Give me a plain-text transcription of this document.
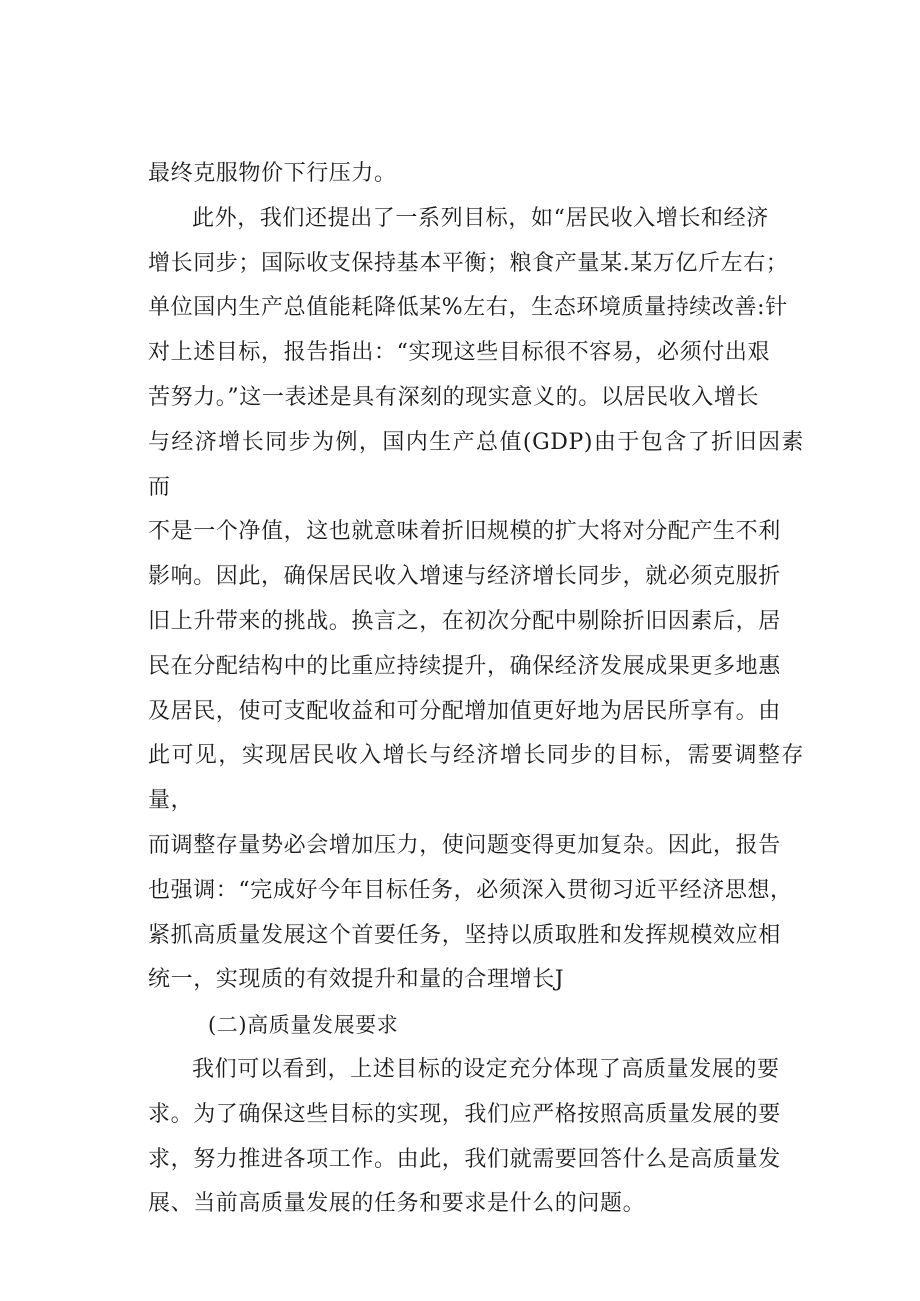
最终克服物价下行压力。

此外，我们还提出了一系列目标，如“居民收入增长和经济
增长同步；国际收支保持基本平衡；粮食产量某.某万亿斤左右；
单位国内生产总值能耗降低某%左右，生态环境质量持续改善:针
对上述目标，报告指出：“实现这些目标很不容易，必须付出艰
苦努力。”这一表述是具有深刻的现实意义的。以居民收入增长
与经济增长同步为例，国内生产总值(GDP)由于包含了折旧因素而
不是一个净值，这也就意味着折旧规模的扩大将对分配产生不利
影响。因此，确保居民收入增速与经济增长同步，就必须克服折
旧上升带来的挑战。换言之，在初次分配中剔除折旧因素后，居
民在分配结构中的比重应持续提升，确保经济发展成果更多地惠
及居民，使可支配收益和可分配增加值更好地为居民所享有。由
此可见，实现居民收入增长与经济增长同步的目标，需要调整存量，
而调整存量势必会增加压力，使问题变得更加复杂。因此，报告
也强调：“完成好今年目标任务，必须深入贯彻习近平经济思想，
紧抓高质量发展这个首要任务，坚持以质取胜和发挥规模效应相
统一，实现质的有效提升和量的合理增长J

(二)高质量发展要求

我们可以看到，上述目标的设定充分体现了高质量发展的要
求。为了确保这些目标的实现，我们应严格按照高质量发展的要
求，努力推进各项工作。由此，我们就需要回答什么是高质量发
展、当前高质量发展的任务和要求是什么的问题。
